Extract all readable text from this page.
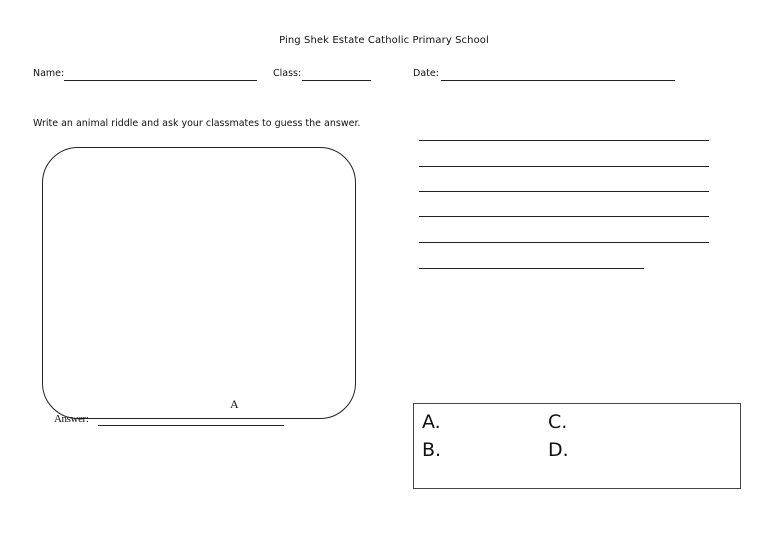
Ping Shek Estate Catholic Primary School
Name:	Class:	Date:
Write an animal riddle and ask your classmates to guess the answer.
A
Answer:	A.	C.
B.	D.
